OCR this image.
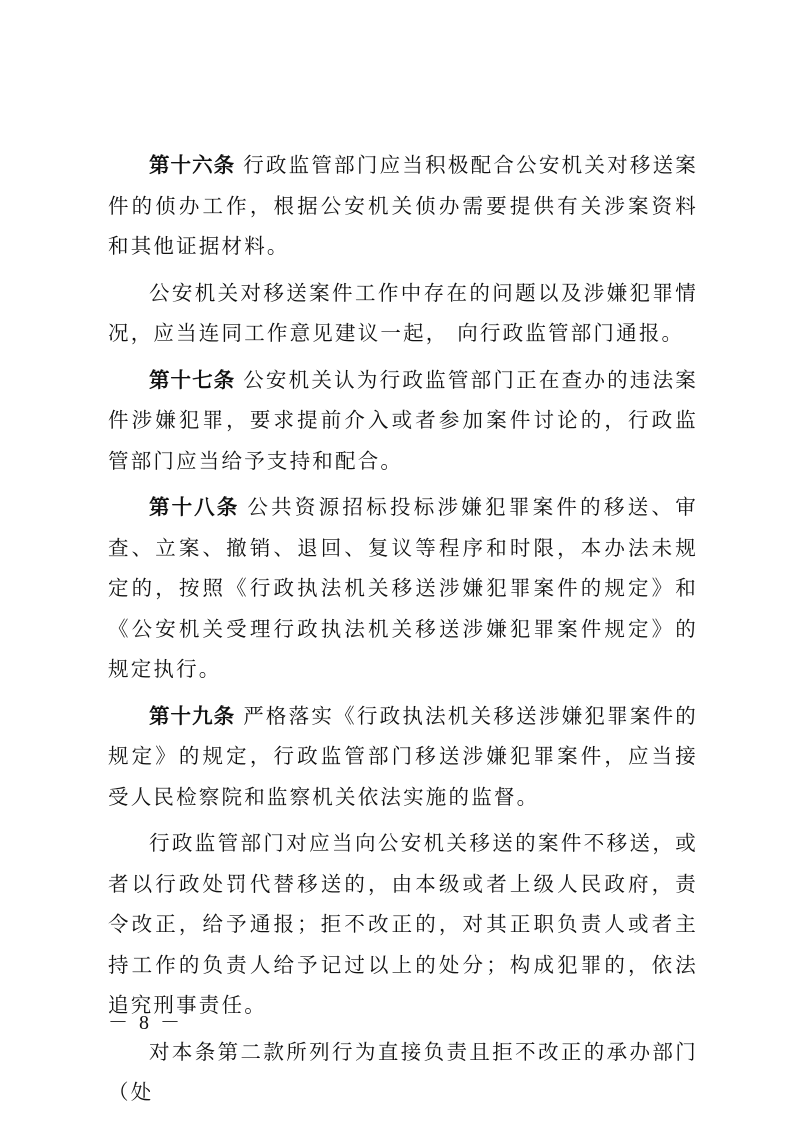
第十六条 行政监管部门应当积极配合公安机关对移送案件的侦办工作，根据公安机关侦办需要提供有关涉案资料和其他证据材料。

公安机关对移送案件工作中存在的问题以及涉嫌犯罪情况，应当连同工作意见建议一起， 向行政监管部门通报。

第十七条 公安机关认为行政监管部门正在查办的违法案件涉嫌犯罪，要求提前介入或者参加案件讨论的，行政监管部门应当给予支持和配合。

第十八条 公共资源招标投标涉嫌犯罪案件的移送、审查、立案、撤销、退回、复议等程序和时限，本办法未规定的，按照《行政执法机关移送涉嫌犯罪案件的规定》和《公安机关受理行政执法机关移送涉嫌犯罪案件规定》的规定执行。

第十九条 严格落实《行政执法机关移送涉嫌犯罪案件的规定》的规定，行政监管部门移送涉嫌犯罪案件，应当接受人民检察院和监察机关依法实施的监督。

行政监管部门对应当向公安机关移送的案件不移送，或者以行政处罚代替移送的，由本级或者上级人民政府，责令改正，给予通报；拒不改正的，对其正职负责人或者主持工作的负责人给予记过以上的处分；构成犯罪的，依法追究刑事责任。

对本条第二款所列行为直接负责且拒不改正的承办部门（处

－ 8 －
